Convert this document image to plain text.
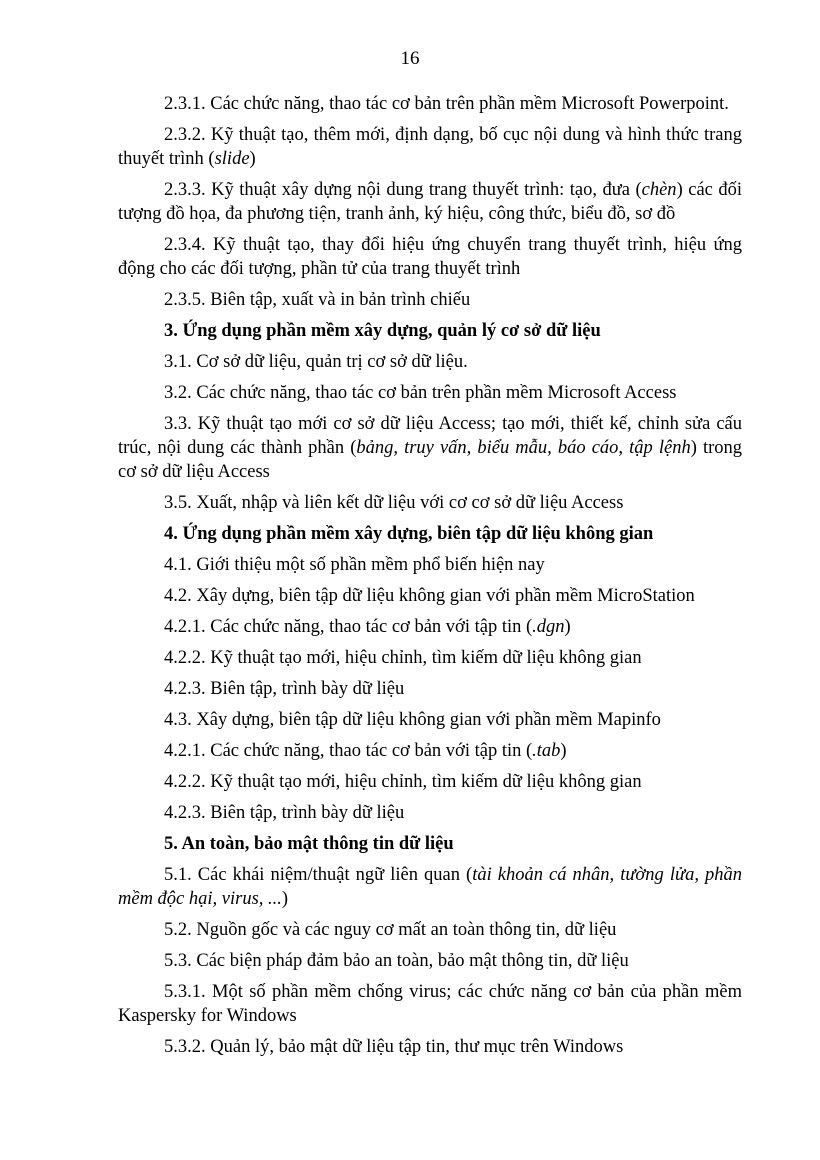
16

2.3.1. Các chức năng, thao tác cơ bản trên phần mềm Microsoft Powerpoint.

2.3.2. Kỹ thuật tạo, thêm mới, định dạng, bố cục nội dung và hình thức trang thuyết trình (slide)

2.3.3. Kỹ thuật xây dựng nội dung trang thuyết trình: tạo, đưa (chèn) các đối tượng đồ họa, đa phương tiện, tranh ảnh, ký hiệu, công thức, biểu đồ, sơ đồ

2.3.4. Kỹ thuật tạo, thay đổi hiệu ứng chuyển trang thuyết trình, hiệu ứng động cho các đối tượng, phần tử của trang thuyết trình

2.3.5. Biên tập, xuất và in bản trình chiếu

3. Ứng dụng phần mềm xây dựng, quản lý cơ sở dữ liệu

3.1. Cơ sở dữ liệu, quản trị cơ sở dữ liệu.

3.2. Các chức năng, thao tác cơ bản trên phần mềm Microsoft Access

3.3. Kỹ thuật tạo mới cơ sở dữ liệu Access; tạo mới, thiết kế, chỉnh sửa cấu trúc, nội dung các thành phần (bảng, truy vấn, biểu mẫu, báo cáo, tập lệnh) trong cơ sở dữ liệu Access

3.5. Xuất, nhập và liên kết dữ liệu với cơ cơ sở dữ liệu Access

4. Ứng dụng phần mềm xây dựng, biên tập dữ liệu không gian

4.1. Giới thiệu một số phần mềm phổ biến hiện nay

4.2. Xây dựng, biên tập dữ liệu không gian với phần mềm MicroStation

4.2.1. Các chức năng, thao tác cơ bản với tập tin (.dgn)

4.2.2. Kỹ thuật tạo mới, hiệu chỉnh, tìm kiếm dữ liệu không gian

4.2.3. Biên tập, trình bày dữ liệu

4.3. Xây dựng, biên tập dữ liệu không gian với phần mềm Mapinfo

4.2.1. Các chức năng, thao tác cơ bản với tập tin (.tab)

4.2.2. Kỹ thuật tạo mới, hiệu chỉnh, tìm kiếm dữ liệu không gian

4.2.3. Biên tập, trình bày dữ liệu

5. An toàn, bảo mật thông tin dữ liệu

5.1. Các khái niệm/thuật ngữ liên quan (tài khoản cá nhân, tường lửa, phần mềm độc hại, virus, ...)

5.2. Nguồn gốc và các nguy cơ mất an toàn thông tin, dữ liệu

5.3. Các biện pháp đảm bảo an toàn, bảo mật thông tin, dữ liệu

5.3.1. Một số phần mềm chống virus; các chức năng cơ bản của phần mềm Kaspersky for Windows

5.3.2. Quản lý, bảo mật dữ liệu tập tin, thư mục trên Windows
